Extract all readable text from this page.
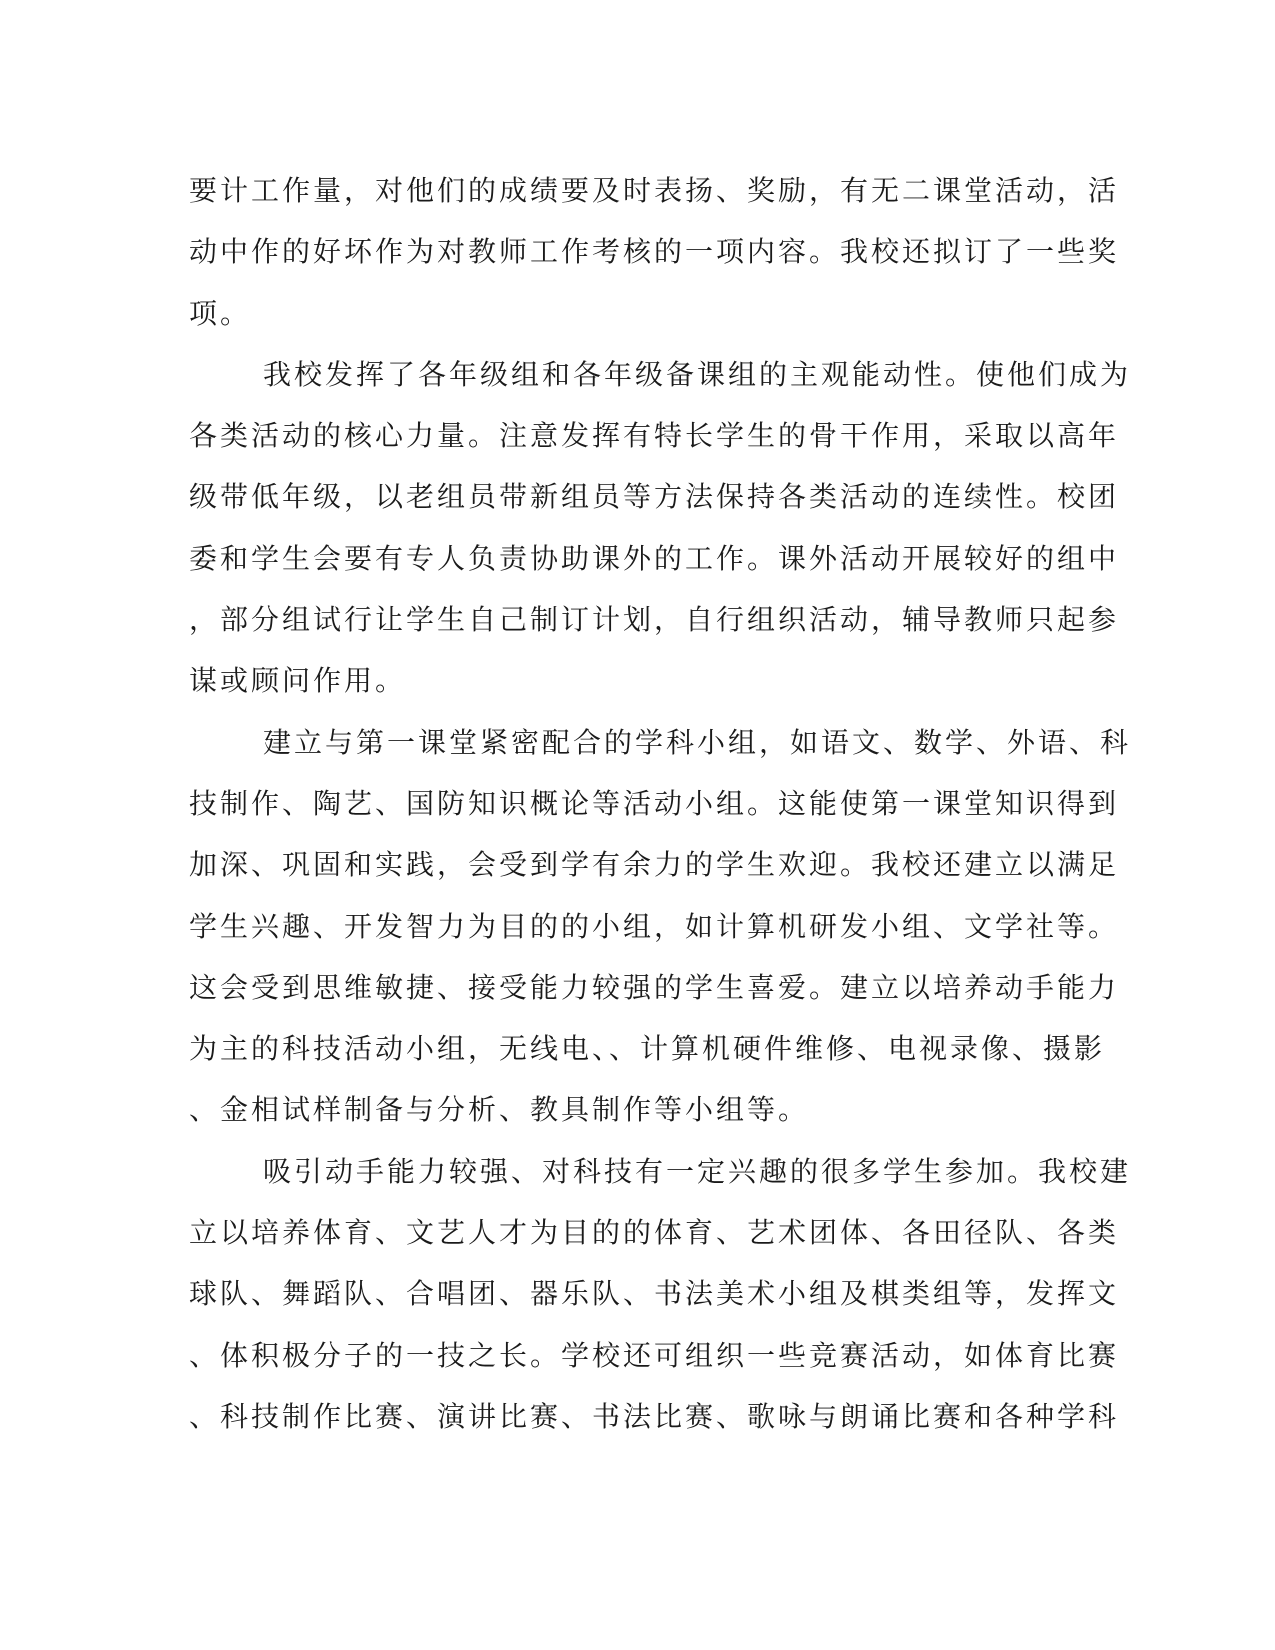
要计工作量，对他们的成绩要及时表扬、奖励，有无二课堂活动，活
动中作的好坏作为对教师工作考核的一项内容。我校还拟订了一些奖
项。
我校发挥了各年级组和各年级备课组的主观能动性。使他们成为
各类活动的核心力量。注意发挥有特长学生的骨干作用，采取以高年
级带低年级，以老组员带新组员等方法保持各类活动的连续性。校团
委和学生会要有专人负责协助课外的工作。课外活动开展较好的组中
，部分组试行让学生自己制订计划，自行组织活动，辅导教师只起参
谋或顾问作用。
建立与第一课堂紧密配合的学科小组，如语文、数学、外语、科
技制作、陶艺、国防知识概论等活动小组。这能使第一课堂知识得到
加深、巩固和实践，会受到学有余力的学生欢迎。我校还建立以满足
学生兴趣、开发智力为目的的小组，如计算机研发小组、文学社等。
这会受到思维敏捷、接受能力较强的学生喜爱。建立以培养动手能力
为主的科技活动小组，无线电、、计算机硬件维修、电视录像、摄影
、金相试样制备与分析、教具制作等小组等。
吸引动手能力较强、对科技有一定兴趣的很多学生参加。我校建
立以培养体育、文艺人才为目的的体育、艺术团体、各田径队、各类
球队、舞蹈队、合唱团、器乐队、书法美术小组及棋类组等，发挥文
、体积极分子的一技之长。学校还可组织一些竞赛活动，如体育比赛
、科技制作比赛、演讲比赛、书法比赛、歌咏与朗诵比赛和各种学科
